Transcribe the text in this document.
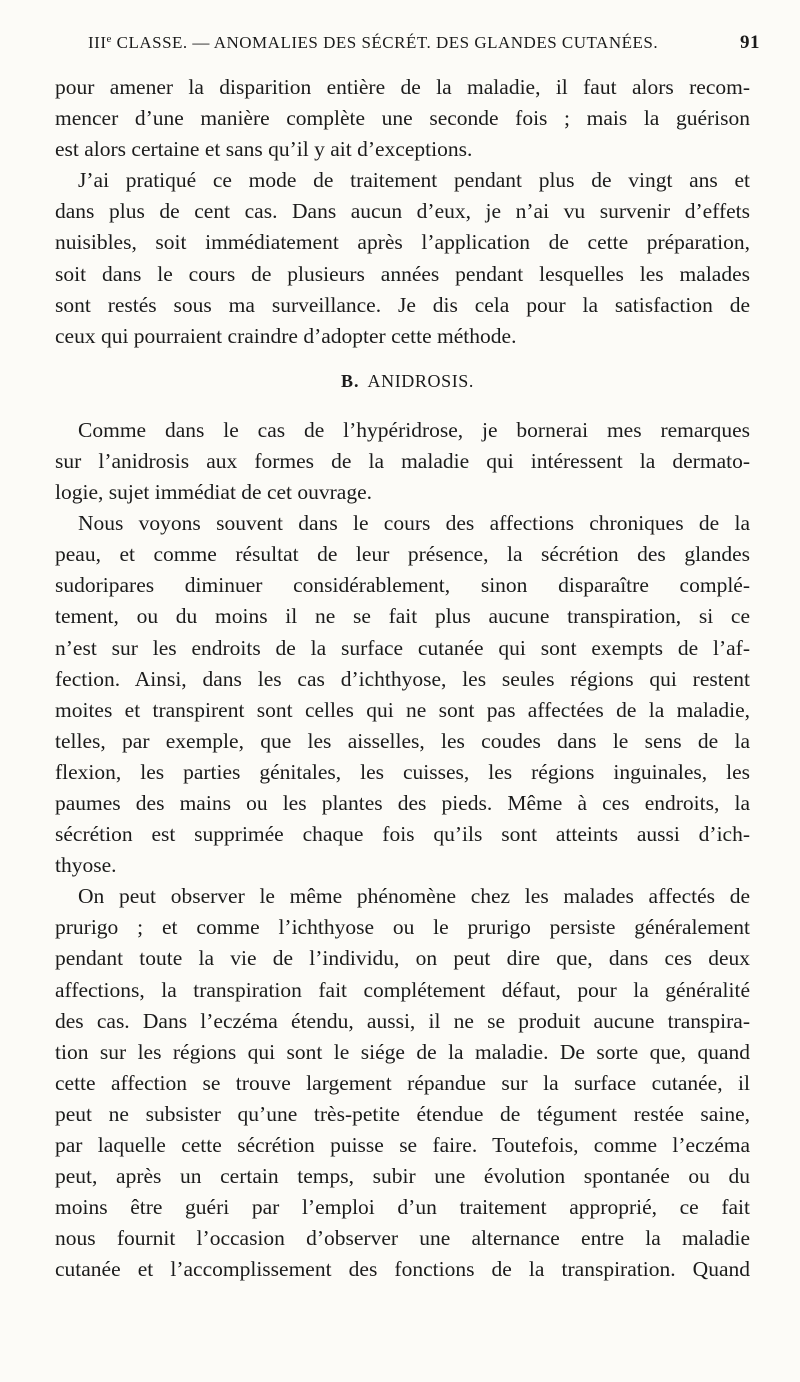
IIIe CLASSE. — ANOMALIES DES SÉCRÉT. DES GLANDES CUTANÉES.	91
pour amener la disparition entière de la maladie, il faut alors recom-
mencer d’une manière complète une seconde fois ; mais la guérison
est alors certaine et sans qu’il y ait d’exceptions.
J’ai pratiqué ce mode de traitement pendant plus de vingt ans et
dans plus de cent cas. Dans aucun d’eux, je n’ai vu survenir d’effets
nuisibles, soit immédiatement après l’application de cette préparation,
soit dans le cours de plusieurs années pendant lesquelles les malades
sont restés sous ma surveillance. Je dis cela pour la satisfaction de
ceux qui pourraient craindre d’adopter cette méthode.
B. ANIDROSIS.
Comme dans le cas de l’hypéridrose, je bornerai mes remarques
sur l’anidrosis aux formes de la maladie qui intéressent la dermato-
logie, sujet immédiat de cet ouvrage.
Nous voyons souvent dans le cours des affections chroniques de la
peau, et comme résultat de leur présence, la sécrétion des glandes
sudoripares diminuer considérablement, sinon disparaître complé-
tement, ou du moins il ne se fait plus aucune transpiration, si ce
n’est sur les endroits de la surface cutanée qui sont exempts de l’af-
fection. Ainsi, dans les cas d’ichthyose, les seules régions qui restent
moites et transpirent sont celles qui ne sont pas affectées de la maladie,
telles, par exemple, que les aisselles, les coudes dans le sens de la
flexion, les parties génitales, les cuisses, les régions inguinales, les
paumes des mains ou les plantes des pieds. Même à ces endroits, la
sécrétion est supprimée chaque fois qu’ils sont atteints aussi d’ich-
thyose.
On peut observer le même phénomène chez les malades affectés de
prurigo ; et comme l’ichthyose ou le prurigo persiste généralement
pendant toute la vie de l’individu, on peut dire que, dans ces deux
affections, la transpiration fait complétement défaut, pour la généralité
des cas. Dans l’eczéma étendu, aussi, il ne se produit aucune transpira-
tion sur les régions qui sont le siége de la maladie. De sorte que, quand
cette affection se trouve largement répandue sur la surface cutanée, il
peut ne subsister qu’une très-petite étendue de tégument restée saine,
par laquelle cette sécrétion puisse se faire. Toutefois, comme l’eczéma
peut, après un certain temps, subir une évolution spontanée ou du
moins être guéri par l’emploi d’un traitement approprié, ce fait
nous fournit l’occasion d’observer une alternance entre la maladie
cutanée et l’accomplissement des fonctions de la transpiration. Quand
